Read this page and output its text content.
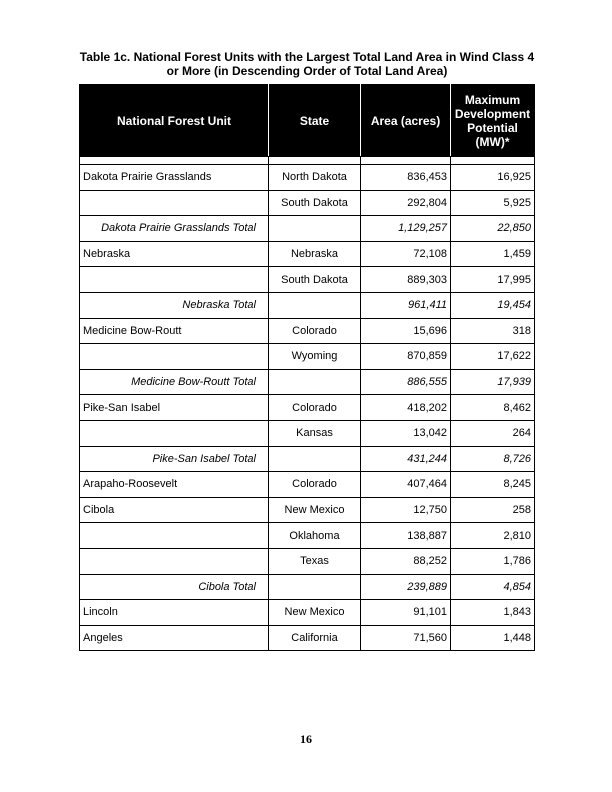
Table 1c. National Forest Units with the Largest Total Land Area in Wind Class 4
or More (in Descending Order of Total Land Area)
National Forest Unit	State	Area (acres)	Maximum
Development
Potential
(MW)*

Dakota Prairie Grasslands	North Dakota	836,453	16,925
	South Dakota	292,804	5,925
Dakota Prairie Grasslands Total		1,129,257	22,850
Nebraska	Nebraska	72,108	1,459
	South Dakota	889,303	17,995
Nebraska Total		961,411	19,454
Medicine Bow-Routt	Colorado	15,696	318
	Wyoming	870,859	17,622
Medicine Bow-Routt Total		886,555	17,939
Pike-San Isabel	Colorado	418,202	8,462
	Kansas	13,042	264
Pike-San Isabel Total		431,244	8,726
Arapaho-Roosevelt	Colorado	407,464	8,245
Cibola	New Mexico	12,750	258
	Oklahoma	138,887	2,810
	Texas	88,252	1,786
Cibola Total		239,889	4,854
Lincoln	New Mexico	91,101	1,843
Angeles	California	71,560	1,448
16
